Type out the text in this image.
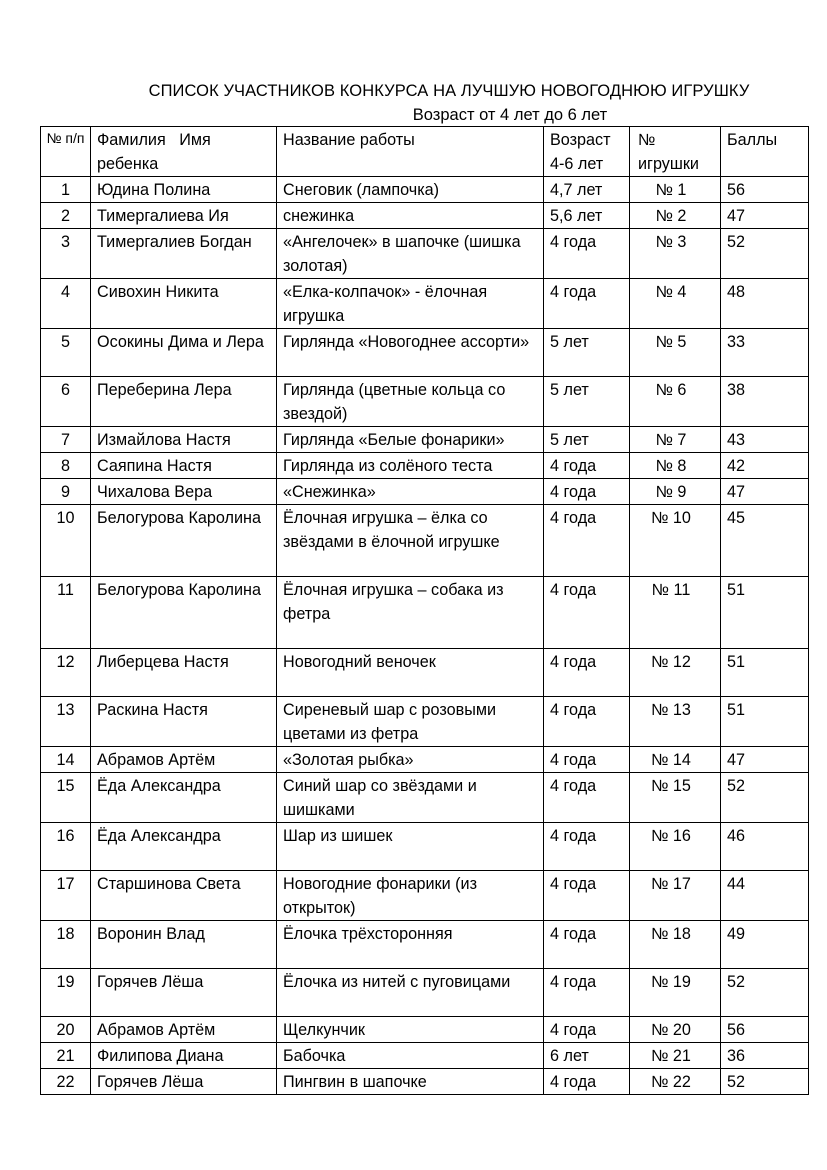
СПИСОК УЧАСТНИКОВ КОНКУРСА НА ЛУЧШУЮ НОВОГОДНЮЮ ИГРУШКУ
Возраст от 4 лет до 6 лет
№ п/п	Фамилия   Имя ребенка	Название работы	Возраст 4-6 лет	№ игрушки	Баллы
1	Юдина Полина	Снеговик (лампочка)	4,7 лет	№ 1	56
2	Тимергалиева Ия	снежинка	5,6 лет	№ 2	47
3	Тимергалиев Богдан	«Ангелочек» в шапочке (шишка золотая)	4 года	№ 3	52
4	Сивохин Никита	«Елка-колпачок» - ёлочная игрушка	4 года	№ 4	48
5	Осокины Дима и Лера	Гирлянда «Новогоднее ассорти»	5 лет	№ 5	33
6	Переберина Лера	Гирлянда (цветные кольца со звездой)	5 лет	№ 6	38
7	Измайлова Настя	Гирлянда «Белые фонарики»	5 лет	№ 7	43
8	Саяпина Настя	Гирлянда из солёного теста	4 года	№ 8	42
9	Чихалова Вера	«Снежинка»	4 года	№ 9	47
10	Белогурова Каролина	Ёлочная игрушка – ёлка со звёздами в ёлочной игрушке	4 года	№ 10	45
11	Белогурова Каролина	Ёлочная игрушка – собака из фетра	4 года	№ 11	51
12	Либерцева Настя	Новогодний веночек	4 года	№ 12	51
13	Раскина Настя	Сиреневый шар с розовыми цветами из фетра	4 года	№ 13	51
14	Абрамов Артём	«Золотая рыбка»	4 года	№ 14	47
15	Ёда Александра	Синий шар со звёздами и шишками	4 года	№ 15	52
16	Ёда Александра	Шар из шишек	4 года	№ 16	46
17	Старшинова Света	Новогодние фонарики (из открыток)	4 года	№ 17	44
18	Воронин Влад	Ёлочка трёхсторонняя	4 года	№ 18	49
19	Горячев Лёша	Ёлочка из нитей с пуговицами	4 года	№ 19	52
20	Абрамов Артём	Щелкунчик	4 года	№ 20	56
21	Филипова Диана	Бабочка	6 лет	№ 21	36
22	Горячев Лёша	Пингвин в шапочке	4 года	№ 22	52
